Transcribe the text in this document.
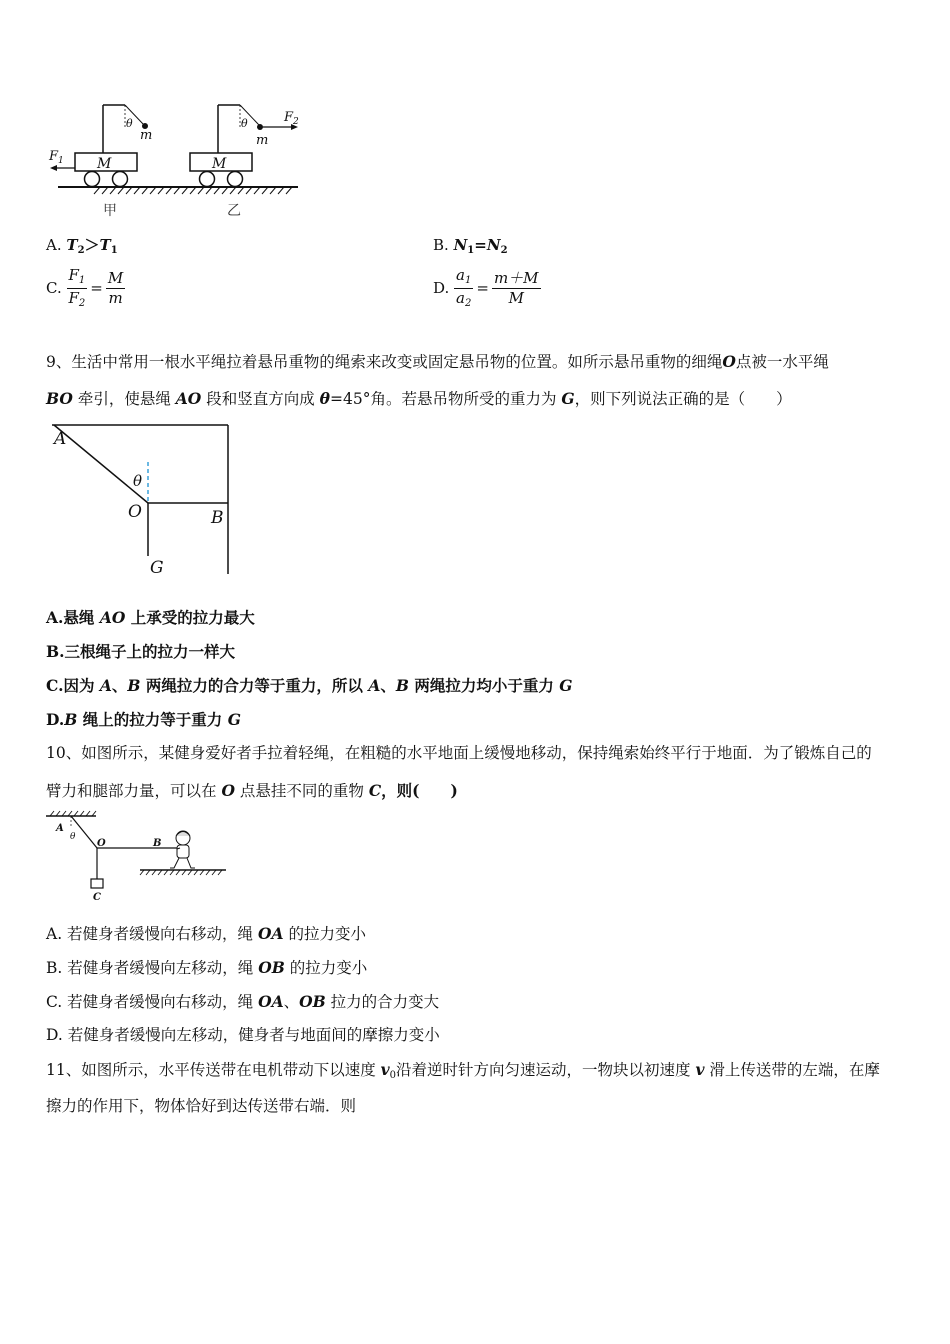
m
θ
M
$F_1$
$F_2$
m
θ
M
甲	乙
A. $T_2>T_1$	B. $N_1=N_2$
C. $\frac{F_1}{F_2} = \frac{M}{m}$	D. $\frac{a_1}{a_2} = \frac{m+M}{M}$
9、生活中常用一根水平绳拉着悬吊重物的绳索来改变或固定悬吊物的位置。如所示悬吊重物的细绳O点被一水平绳
BO 牵引，使悬绳 AO 段和竖直方向成 θ=45°角。若悬吊物所受的重力为 G，则下列说法正确的是（　　）
A
θ
O	B
G
A.悬绳 AO 上承受的拉力最大
B.三根绳子上的拉力一样大
C.因为 A、B 两绳拉力的合力等于重力，所以 A、B 两绳拉力均小于重力 G
D.B 绳上的拉力等于重力 G
10、如图所示，某健身爱好者手拉着轻绳，在粗糙的水平地面上缓慢地移动，保持绳索始终平行于地面．为了锻炼自己的
臂力和腿部力量，可以在 O 点悬挂不同的重物 C，则(　　)
A
θ
O	B
C
A. 若健身者缓慢向右移动，绳 OA 的拉力变小
B. 若健身者缓慢向左移动，绳 OB 的拉力变小
C. 若健身者缓慢向右移动，绳 OA、OB 拉力的合力变大
D. 若健身者缓慢向左移动，健身者与地面间的摩擦力变小
11、如图所示，水平传送带在电机带动下以速度 $v_0$沿着逆时针方向匀速运动，一物块以初速度 v 滑上传送带的左端，在摩
擦力的作用下，物体恰好到达传送带右端．则
